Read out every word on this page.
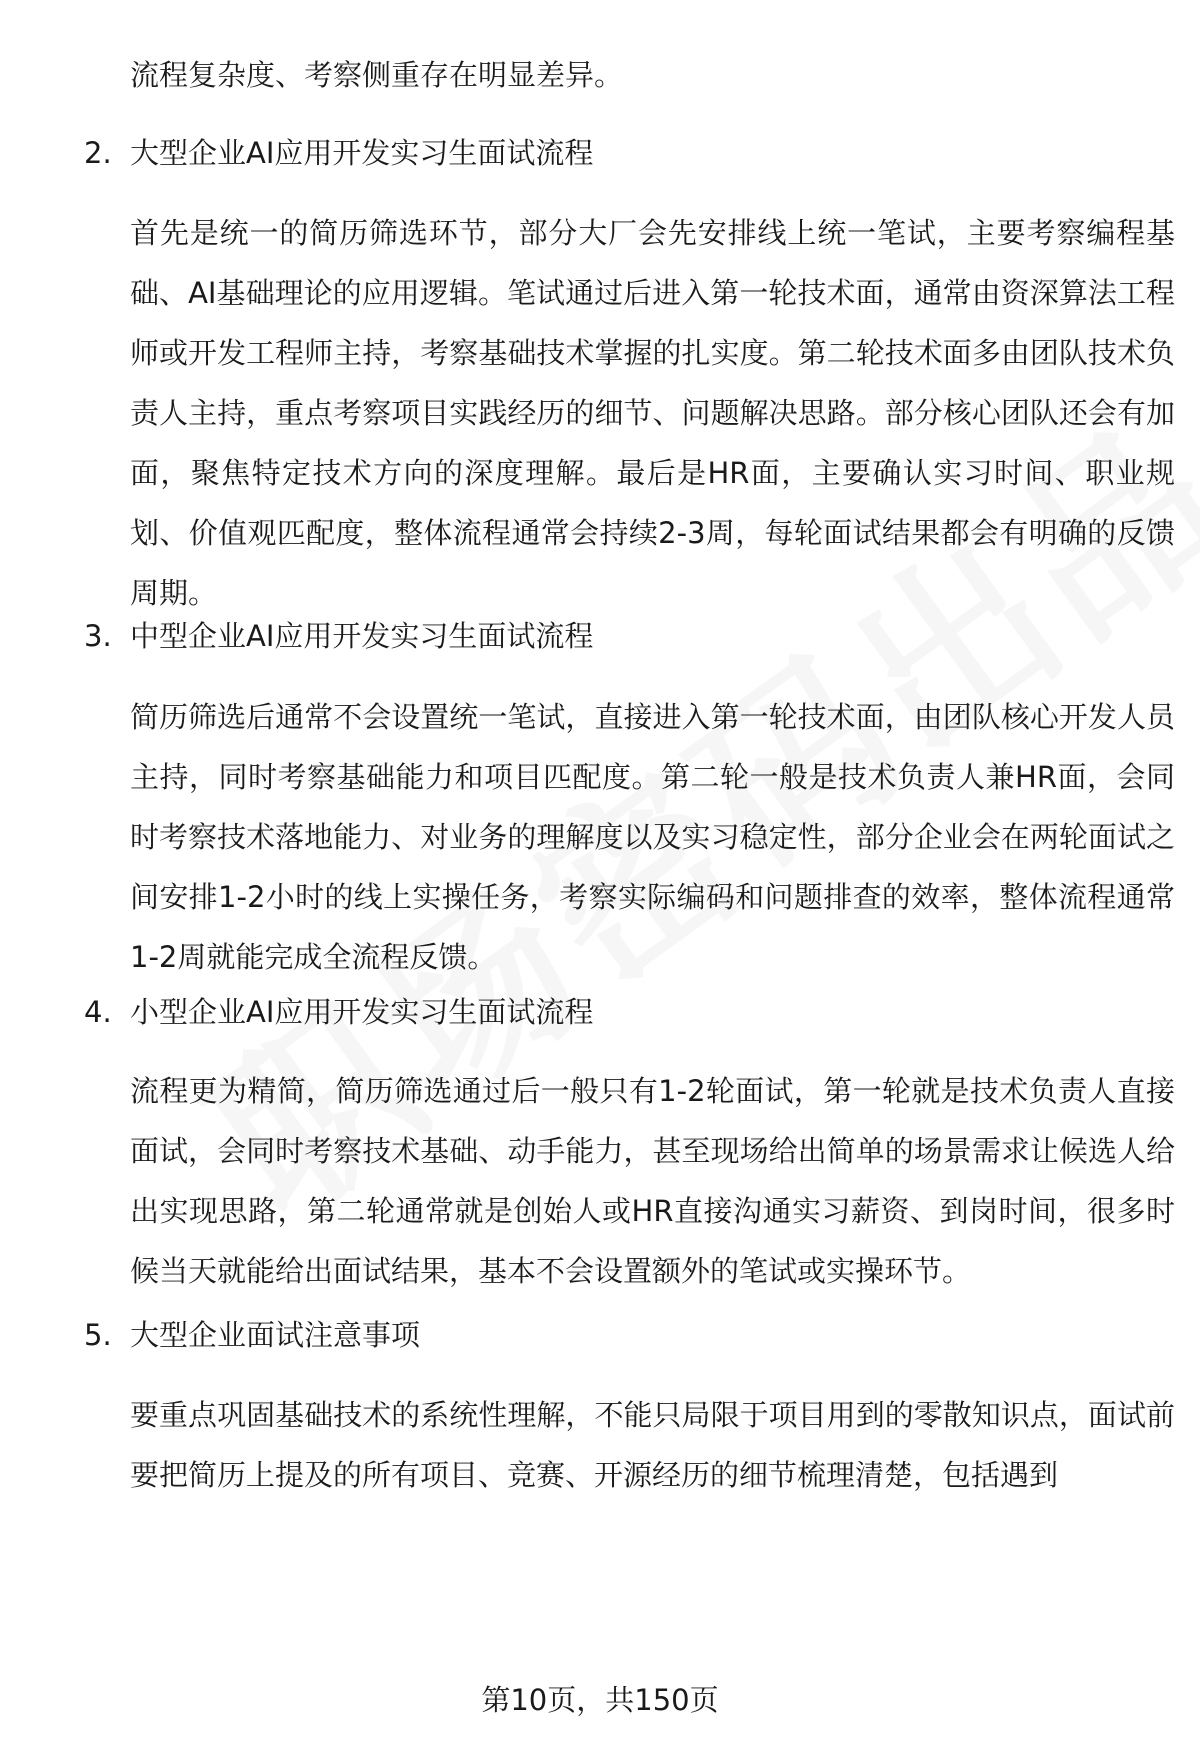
流程复杂度、考察侧重存在明显差异。

2. 大型企业AI应用开发实习生面试流程

首先是统一的简历筛选环节，部分大厂会先安排线上统一笔试，主要考察编程基础、AI基础理论的应用逻辑。笔试通过后进入第一轮技术面，通常由资深算法工程师或开发工程师主持，考察基础技术掌握的扎实度。第二轮技术面多由团队技术负责人主持，重点考察项目实践经历的细节、问题解决思路。部分核心团队还会有加面，聚焦特定技术方向的深度理解。最后是HR面，主要确认实习时间、职业规划、价值观匹配度，整体流程通常会持续2-3周，每轮面试结果都会有明确的反馈周期。

3. 中型企业AI应用开发实习生面试流程

简历筛选后通常不会设置统一笔试，直接进入第一轮技术面，由团队核心开发人员主持，同时考察基础能力和项目匹配度。第二轮一般是技术负责人兼HR面，会同时考察技术落地能力、对业务的理解度以及实习稳定性，部分企业会在两轮面试之间安排1-2小时的线上实操任务，考察实际编码和问题排查的效率，整体流程通常1-2周就能完成全流程反馈。

4. 小型企业AI应用开发实习生面试流程

流程更为精简，简历筛选通过后一般只有1-2轮面试，第一轮就是技术负责人直接面试，会同时考察技术基础、动手能力，甚至现场给出简单的场景需求让候选人给出实现思路，第二轮通常就是创始人或HR直接沟通实习薪资、到岗时间，很多时候当天就能给出面试结果，基本不会设置额外的笔试或实操环节。

5. 大型企业面试注意事项

要重点巩固基础技术的系统性理解，不能只局限于项目用到的零散知识点，面试前要把简历上提及的所有项目、竞赛、开源经历的细节梳理清楚，包括遇到

第10页，共150页
